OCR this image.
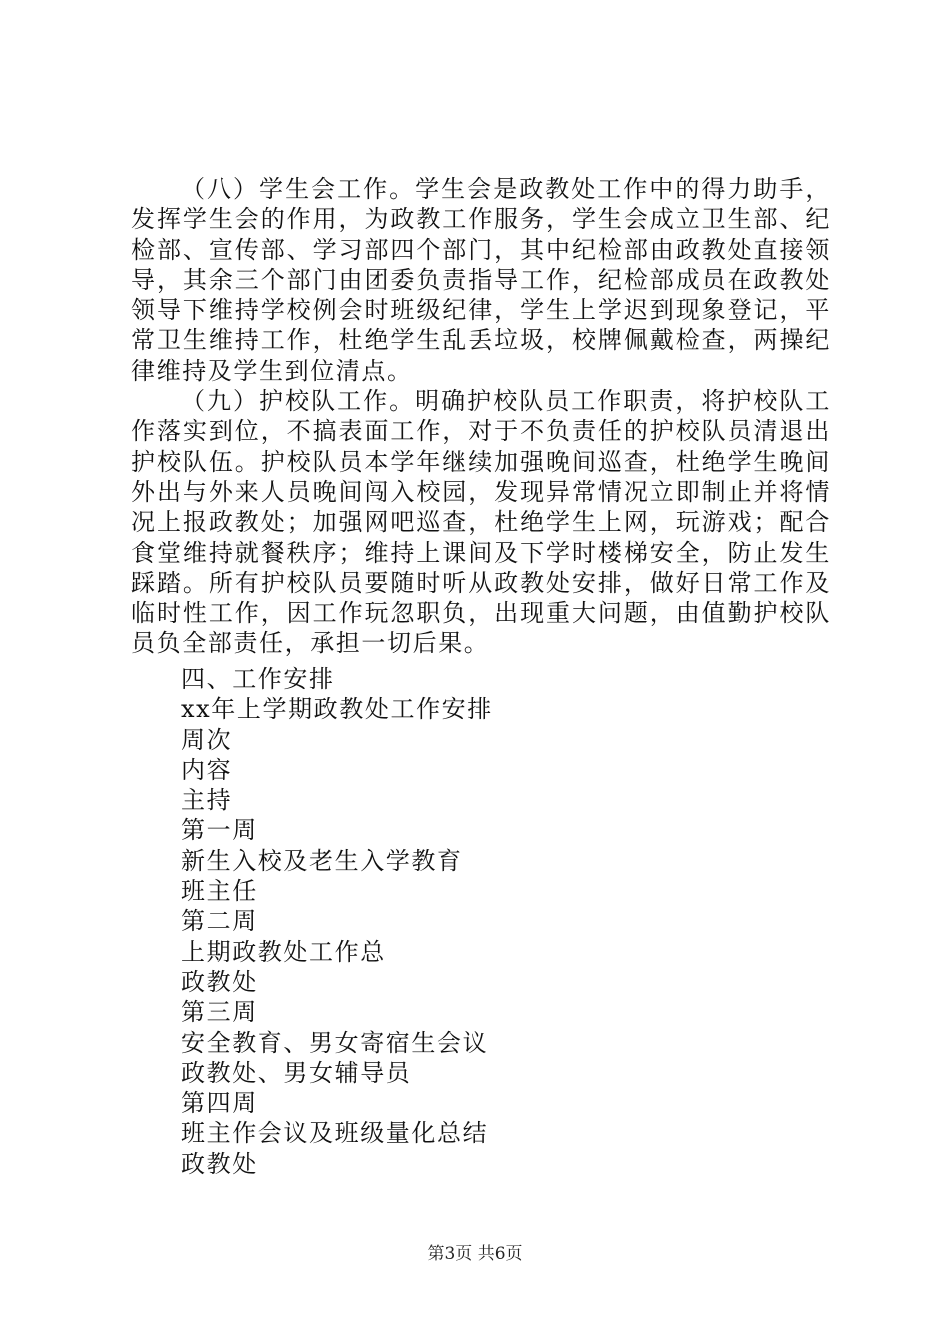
（八）学生会工作。学生会是政教处工作中的得力助手，发挥学生会的作用，为政教工作服务，学生会成立卫生部、纪检部、宣传部、学习部四个部门，其中纪检部由政教处直接领导，其余三个部门由团委负责指导工作，纪检部成员在政教处领导下维持学校例会时班级纪律，学生上学迟到现象登记，平常卫生维持工作，杜绝学生乱丢垃圾，校牌佩戴检查，两操纪律维持及学生到位清点。

（九）护校队工作。明确护校队员工作职责，将护校队工作落实到位，不搞表面工作，对于不负责任的护校队员清退出护校队伍。护校队员本学年继续加强晚间巡查，杜绝学生晚间外出与外来人员晚间闯入校园，发现异常情况立即制止并将情况上报政教处；加强网吧巡查，杜绝学生上网，玩游戏；配合食堂维持就餐秩序；维持上课间及下学时楼梯安全，防止发生踩踏。所有护校队员要随时听从政教处安排，做好日常工作及临时性工作，因工作玩忽职负，出现重大问题，由值勤护校队员负全部责任，承担一切后果。

四、工作安排
xx年上学期政教处工作安排
周次
内容
主持
第一周
新生入校及老生入学教育
班主任
第二周
上期政教处工作总
政教处
第三周
安全教育、男女寄宿生会议
政教处、男女辅导员
第四周
班主作会议及班级量化总结
政教处
第3页 共6页
